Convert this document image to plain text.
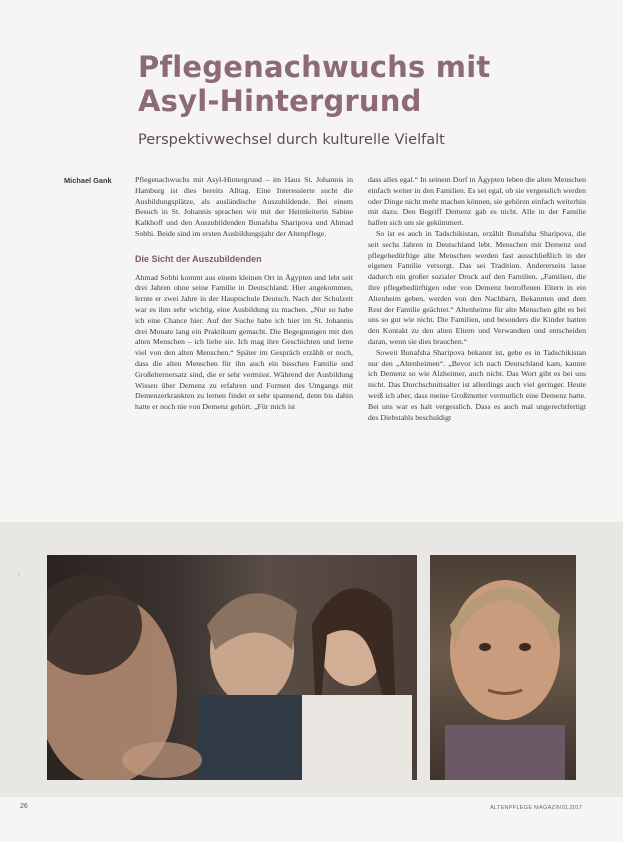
Pflegenachwuchs mit
Asyl-Hintergrund
Perspektivwechsel durch kulturelle Vielfalt
Michael Gank	Pflegenachwuchs mit Asyl-Hintergrund – im Haus St. Johannis in Hamburg ist dies bereits Alltag. Eine Interessierte sucht die Ausbildungsplätze, als ausländische Auszubildende. Bei einem Besuch in St. Johannis sprachen wir mit der Heimleiterin Sabine Kalkhoff und den Auszubildenden Bunafsha Sharipova und Ahmad Sobhi. Beide sind im ersten Ausbildungsjahr der Altenpflege.

Die Sicht der Auszubildenden

Ahmad Sobhi kommt aus einem kleinen Ort in Ägypten und lebt seit drei Jahren ohne seine Familie in Deutschland. Hier angekommen, lernte er zwei Jahre in der Hauptschule Deutsch. Nach der Schulzeit war es ihm sehr wichtig, eine Ausbildung zu machen. „Nur so habe ich eine Chance hier. Auf der Suche habe ich hier im St. Johannis drei Monate lang ein Praktikum gemacht. Die Begegnungen mit den alten Menschen – ich liebe sie. Ich mag ihre Geschichten und lerne viel von den alten Menschen.“ Später im Gespräch erzählt er noch, dass die alten Menschen für ihn auch ein bisschen Familie und Großelternersatz sind, die er sehr vermisst. Während der Ausbildung Wissen über Demenz zu erfahren und Formen des Umgangs mit Demenzerkrankten zu lernen findet er sehr spannend, denn bis dahin hatte er noch nie von Demenz gehört. „Für mich ist

dass alles egal.“ In seinem Dorf in Ägypten leben die alten Menschen einfach weiter in den Familien. Es sei egal, ob sie vergesslich werden oder Dinge nicht mehr machen können, sie gehören einfach weiterhin mit dazu. Den Begriff Demenz gab es nicht. Alle in der Familie halfen sich um sie gekümmert.

So ist es auch in Tadschikistan, erzählt Bunafsha Sharipova, die seit sechs Jahren in Deutschland lebt. Menschen mit Demenz und pflegebedürftige alte Menschen werden fast ausschließlich in der eigenen Familie versorgt. Das sei Tradition. Andererseits lasse dadurch ein großer sozialer Druck auf den Familien. „Familien, die ihre pflegebedürftigen oder von Demenz betroffenen Eltern in ein Altenheim geben, werden von den Nachbarn, Bekannten und dem Rest der Familie geächtet.“ Altenheime für alte Menschen gibt es bei uns so gut wie nicht. Die Familien, und besonders die Kinder hatten den Kontakt zu den alten Eltern und Verwandten und entscheiden daran, wenn sie dies brauchen.“

Soweit Bunafsha Sharipova bekannt ist, gebe es in Tadschikistan nur den „Altenheimen“. „Bevor ich nach Deutschland kam, kannte ich Demenz so wie Alzheimer, auch nicht. Das Wort gibt es bei uns nicht. Das Durchschnittsalter ist allerdings auch viel geringer. Heute weiß ich aber, dass meine Großmutter vermutlich eine Demenz hatte. Bei uns war es halt vergesslich. Dass es auch mal ungerechtfertigt des Diebstahls beschuldigt

›
26	ALTENPFLEGE MAGAZIN 01.2017
